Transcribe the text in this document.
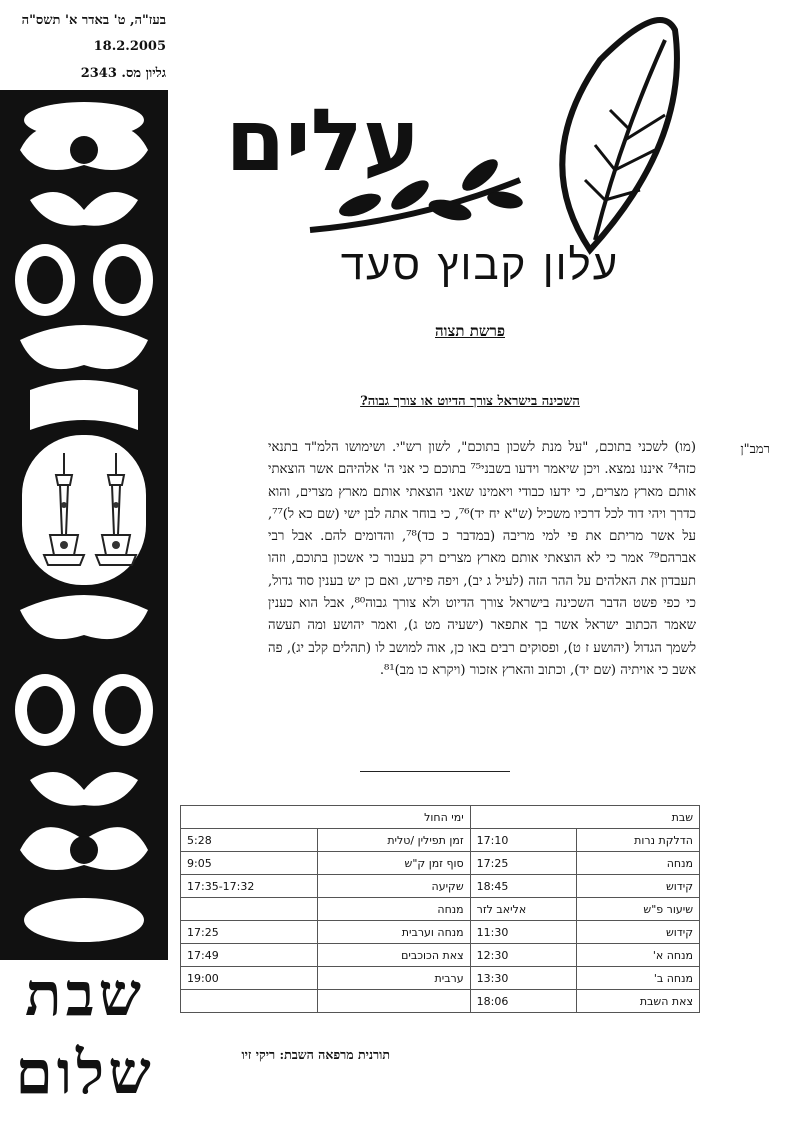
בעז"ה, ט' באדר א' תשס"ה
18.2.2005
גליון מס. 2343
שבת
שלום
עלים
עלון קבוץ סעד
פרשת תצוה
השכינה בישראל צורך הדיוט או צורך גבוה?
רמב"ן

(מו) לשכני בתוכם, "על מנת לשכון בתוכם", לשון רש"י. ושימושו הלמ"ד בתנאי כזה⁷⁴ איננו נמצא. ויכן שיאמר וידעו בשבני⁷⁵ בתוכם כי אני ה' אלהיהם אשר הוצאתי אותם מארץ מצרים, כי ידעו כבודי ויאמינו שאני הוצאתי אותם מארץ מצרים, והוא כדרך ויהי דוד לכל דרכיו משכיל (ש"א יח יד)⁷⁶, כי בוחר אתה לבן ישי (שם כא ל)⁷⁷, על אשר מריתם את פי למי מריבה (במדבר כ כד)⁷⁸, והדומים להם. אבל רבי אברהם⁷⁹ אמר כי לא הוצאתי אותם מארץ מצרים רק בעבור כי אשכון בתוכם, וזהו תעבדון את האלהים על ההר הזה (לעיל ג יב), ויפה פירש, ואם כן יש בענין סוד גדול, כי כפי פשט הדבר השכינה בישראל צורך הדיוט ולא צורך גבוה⁸⁰, אבל הוא כענין שאמר הכתוב ישראל אשר בך אתפאר (ישעיה מט ג), ואמר יהושע ומה תעשה לשמך הגדול (יהושע ז ט), ופסוקים רבים באו כן, אוה למושב לו (תהלים קלב יג), פה אשב כי אויתיה (שם יד), וכתוב והארץ אזכור (ויקרא כו מב)⁸¹.

שבת		ימי החול	
הדלקת נרות	17:10	זמן תפילין /טלית	5:28
מנחה	17:25	סוף זמן ק"ש	9:05
קידוש	18:45	שקיעה	17:35-17:32
שיעור פ"ש	אליאב לזר	מנחה	
קידוש	11:30	מנחה וערבית	17:25
מנחה א'	12:30	צאת הכוכבים	17:49
מנחה ב'	13:30	ערבית	19:00
צאת השבת	18:06		
תורנית מרפאה השבת: ריקי זיו
